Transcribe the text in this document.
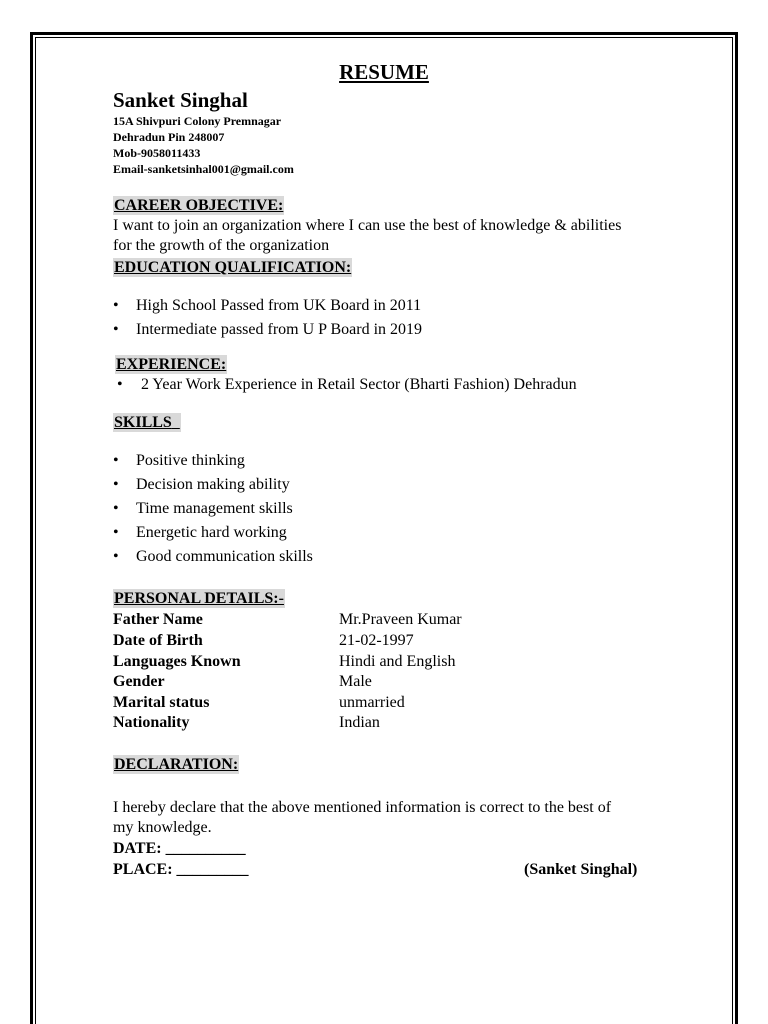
RESUME
Sanket Singhal
15A Shivpuri Colony Premnagar
Dehradun Pin 248007
Mob-9058011433
Email-sanketsinhal001@gmail.com
CAREER OBJECTIVE:
I want to join an organization where I can use the best of knowledge & abilities
for the growth of the organization
EDUCATION QUALIFICATION:
• High School Passed from UK Board in 2011
• Intermediate passed from U P Board in 2019
EXPERIENCE:
• 2 Year Work Experience in Retail Sector (Bharti Fashion) Dehradun
SKILLS
• Positive thinking
• Decision making ability
• Time management skills
• Energetic hard working
• Good communication skills
PERSONAL DETAILS:-
Father Name	Mr.Praveen Kumar
Date of Birth	21-02-1997
Languages Known	Hindi and English
Gender	Male
Marital status	unmarried
Nationality	Indian
DECLARATION:
I hereby declare that the above mentioned information is correct to the best of
my knowledge.
DATE: __________
PLACE: _________	(Sanket Singhal)
